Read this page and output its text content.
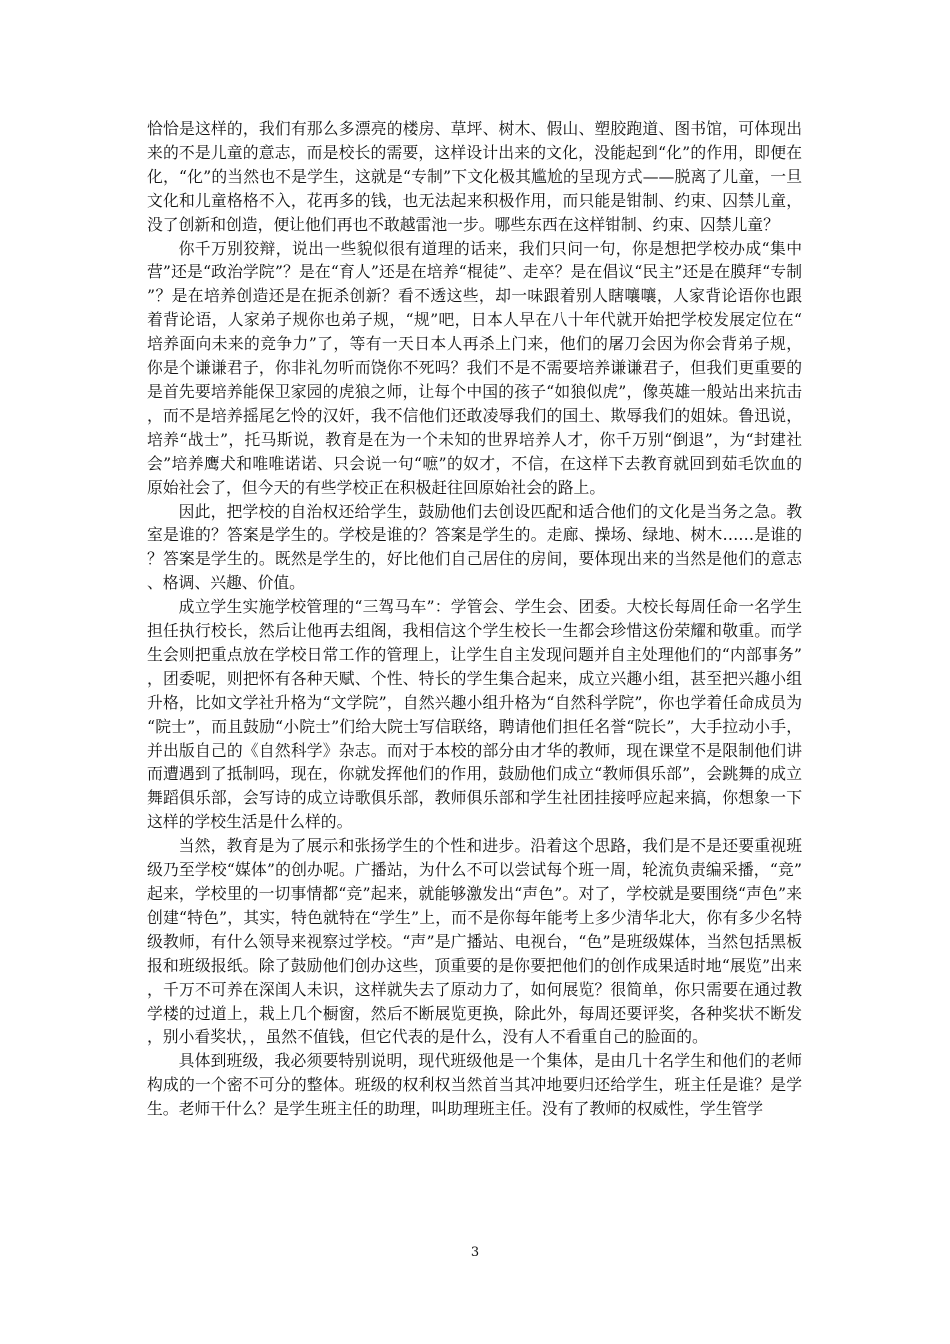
恰恰是这样的，我们有那么多漂亮的楼房、草坪、树木、假山、塑胶跑道、图书馆，可体现出来的不是儿童的意志，而是校长的需要，这样设计出来的文化，没能起到“化”的作用，即便在化，“化”的当然也不是学生，这就是“专制”下文化极其尴尬的呈现方式——脱离了儿童，一旦文化和儿童格格不入，花再多的钱，也无法起来积极作用，而只能是钳制、约束、囚禁儿童，没了创新和创造，便让他们再也不敢越雷池一步。哪些东西在这样钳制、约束、囚禁儿童？

你千万别狡辩，说出一些貌似很有道理的话来，我们只问一句，你是想把学校办成“集中营”还是“政治学院”？是在“育人”还是在培养“棍徒”、走卒？是在倡议“民主”还是在膜拜“专制”？是在培养创造还是在扼杀创新？看不透这些，却一味跟着别人瞎嚷嚷，人家背论语你也跟着背论语，人家弟子规你也弟子规，“规”吧，日本人早在八十年代就开始把学校发展定位在“培养面向未来的竞争力”了，等有一天日本人再杀上门来，他们的屠刀会因为你会背弟子规，你是个谦谦君子，你非礼勿听而饶你不死吗？我们不是不需要培养谦谦君子，但我们更重要的是首先要培养能保卫家园的虎狼之师，让每个中国的孩子“如狼似虎”，像英雄一般站出来抗击，而不是培养摇尾乞怜的汉奸，我不信他们还敢凌辱我们的国土、欺辱我们的姐妹。鲁迅说，培养“战士”，托马斯说，教育是在为一个未知的世界培养人才，你千万别“倒退”，为“封建社会”培养鹰犬和唯唯诺诺、只会说一句“嗻”的奴才，不信，在这样下去教育就回到茹毛饮血的原始社会了，但今天的有些学校正在积极赶往回原始社会的路上。

因此，把学校的自治权还给学生，鼓励他们去创设匹配和适合他们的文化是当务之急。教室是谁的？答案是学生的。学校是谁的？答案是学生的。走廊、操场、绿地、树木……是谁的？答案是学生的。既然是学生的，好比他们自己居住的房间，要体现出来的当然是他们的意志、格调、兴趣、价值。

成立学生实施学校管理的“三驾马车”：学管会、学生会、团委。大校长每周任命一名学生担任执行校长，然后让他再去组阁，我相信这个学生校长一生都会珍惜这份荣耀和敬重。而学生会则把重点放在学校日常工作的管理上，让学生自主发现问题并自主处理他们的“内部事务”，团委呢，则把怀有各种天赋、个性、特长的学生集合起来，成立兴趣小组，甚至把兴趣小组升格，比如文学社升格为“文学院”，自然兴趣小组升格为“自然科学院”，你也学着任命成员为“院士”，而且鼓励“小院士”们给大院士写信联络，聘请他们担任名誉“院长”，大手拉动小手，并出版自己的《自然科学》杂志。而对于本校的部分由才华的教师，现在课堂不是限制他们讲而遭遇到了抵制吗，现在，你就发挥他们的作用，鼓励他们成立“教师俱乐部”，会跳舞的成立舞蹈俱乐部，会写诗的成立诗歌俱乐部，教师俱乐部和学生社团挂接呼应起来搞，你想象一下这样的学校生活是什么样的。

当然，教育是为了展示和张扬学生的个性和进步。沿着这个思路，我们是不是还要重视班级乃至学校“媒体”的创办呢。广播站，为什么不可以尝试每个班一周，轮流负责编采播，“竞”起来，学校里的一切事情都“竞”起来，就能够激发出“声色”。对了，学校就是要围绕“声色”来创建“特色”，其实，特色就特在“学生”上，而不是你每年能考上多少清华北大，你有多少名特级教师，有什么领导来视察过学校。“声”是广播站、电视台，“色”是班级媒体，当然包括黑板报和班级报纸。除了鼓励他们创办这些，顶重要的是你要把他们的创作成果适时地“展览”出来，千万不可养在深闺人未识，这样就失去了原动力了，如何展览？很简单，你只需要在通过教学楼的过道上，栽上几个橱窗，然后不断展览更换，除此外，每周还要评奖，各种奖状不断发，别小看奖状，，虽然不值钱，但它代表的是什么，没有人不看重自己的脸面的。

具体到班级，我必须要特别说明，现代班级他是一个集体，是由几十名学生和他们的老师构成的一个密不可分的整体。班级的权利权当然首当其冲地要归还给学生，班主任是谁？是学生。老师干什么？是学生班主任的助理，叫助理班主任。没有了教师的权威性，学生管学

3
